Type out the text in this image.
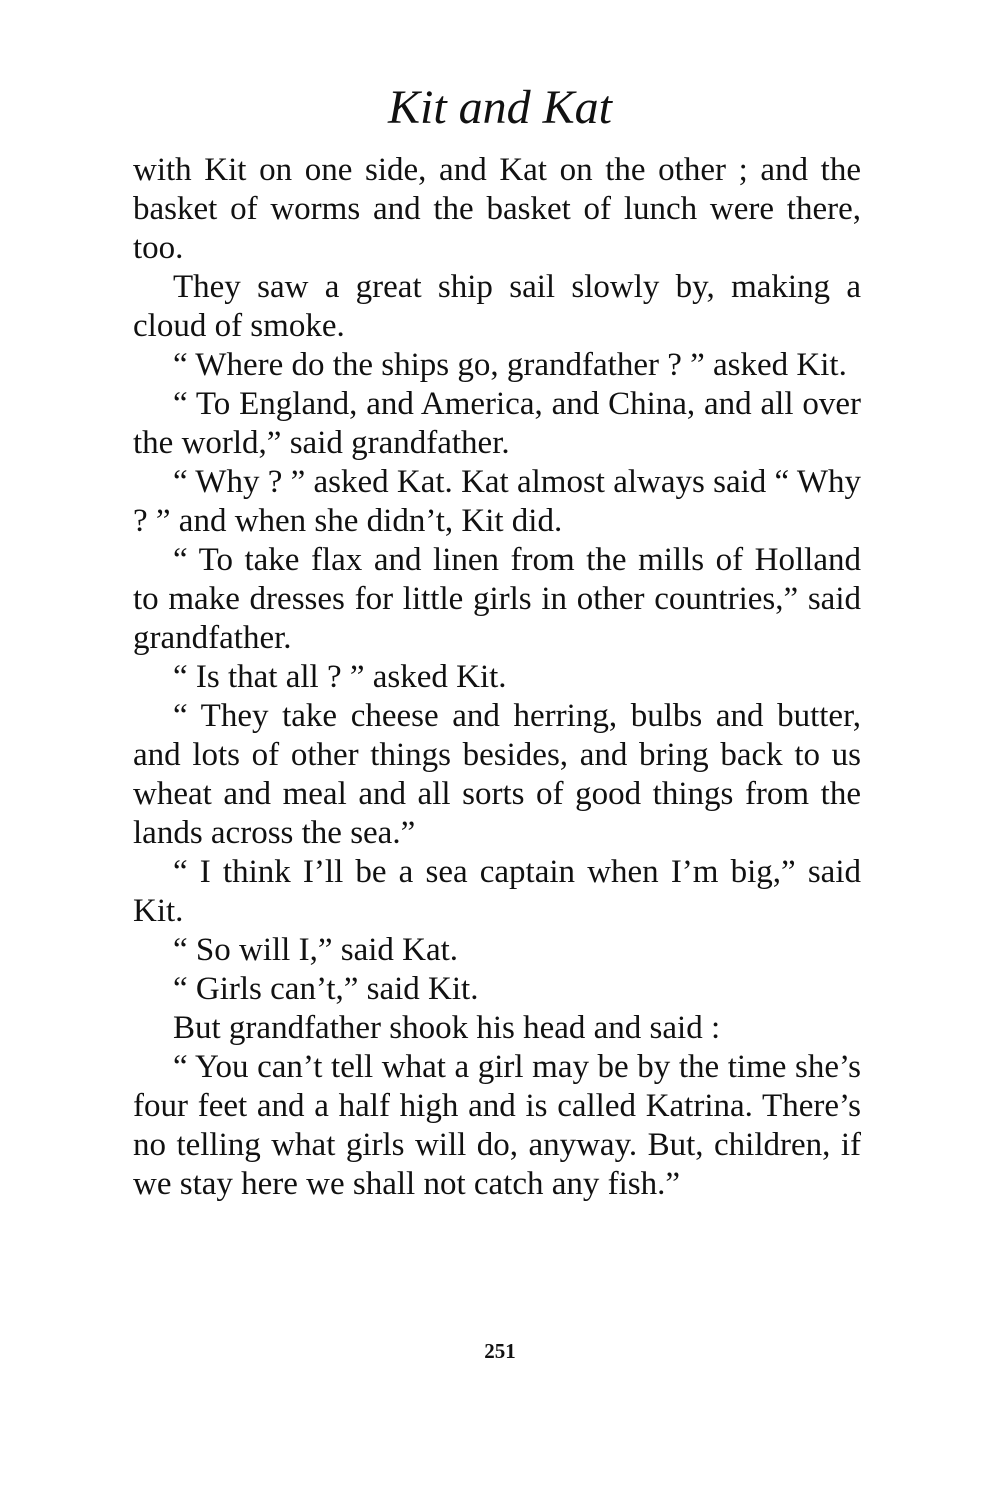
Kit and Kat

with Kit on one side, and Kat on the other ; and the basket of worms and the basket of lunch were there, too.

They saw a great ship sail slowly by, making a cloud of smoke.

“ Where do the ships go, grandfather ? ” asked Kit.

“ To England, and America, and China, and all over the world,” said grandfather.

“ Why ? ” asked Kat. Kat almost always said “ Why ? ” and when she didn’t, Kit did.

“ To take flax and linen from the mills of Holland to make dresses for little girls in other countries,” said grandfather.

“ Is that all ? ” asked Kit.

“ They take cheese and herring, bulbs and butter, and lots of other things besides, and bring back to us wheat and meal and all sorts of good things from the lands across the sea.”

“ I think I’ll be a sea captain when I’m big,” said Kit.

“ So will I,” said Kat.

“ Girls can’t,” said Kit.

But grandfather shook his head and said :

“ You can’t tell what a girl may be by the time she’s four feet and a half high and is called Katrina. There’s no telling what girls will do, anyway. But, children, if we stay here we shall not catch any fish.”

251
